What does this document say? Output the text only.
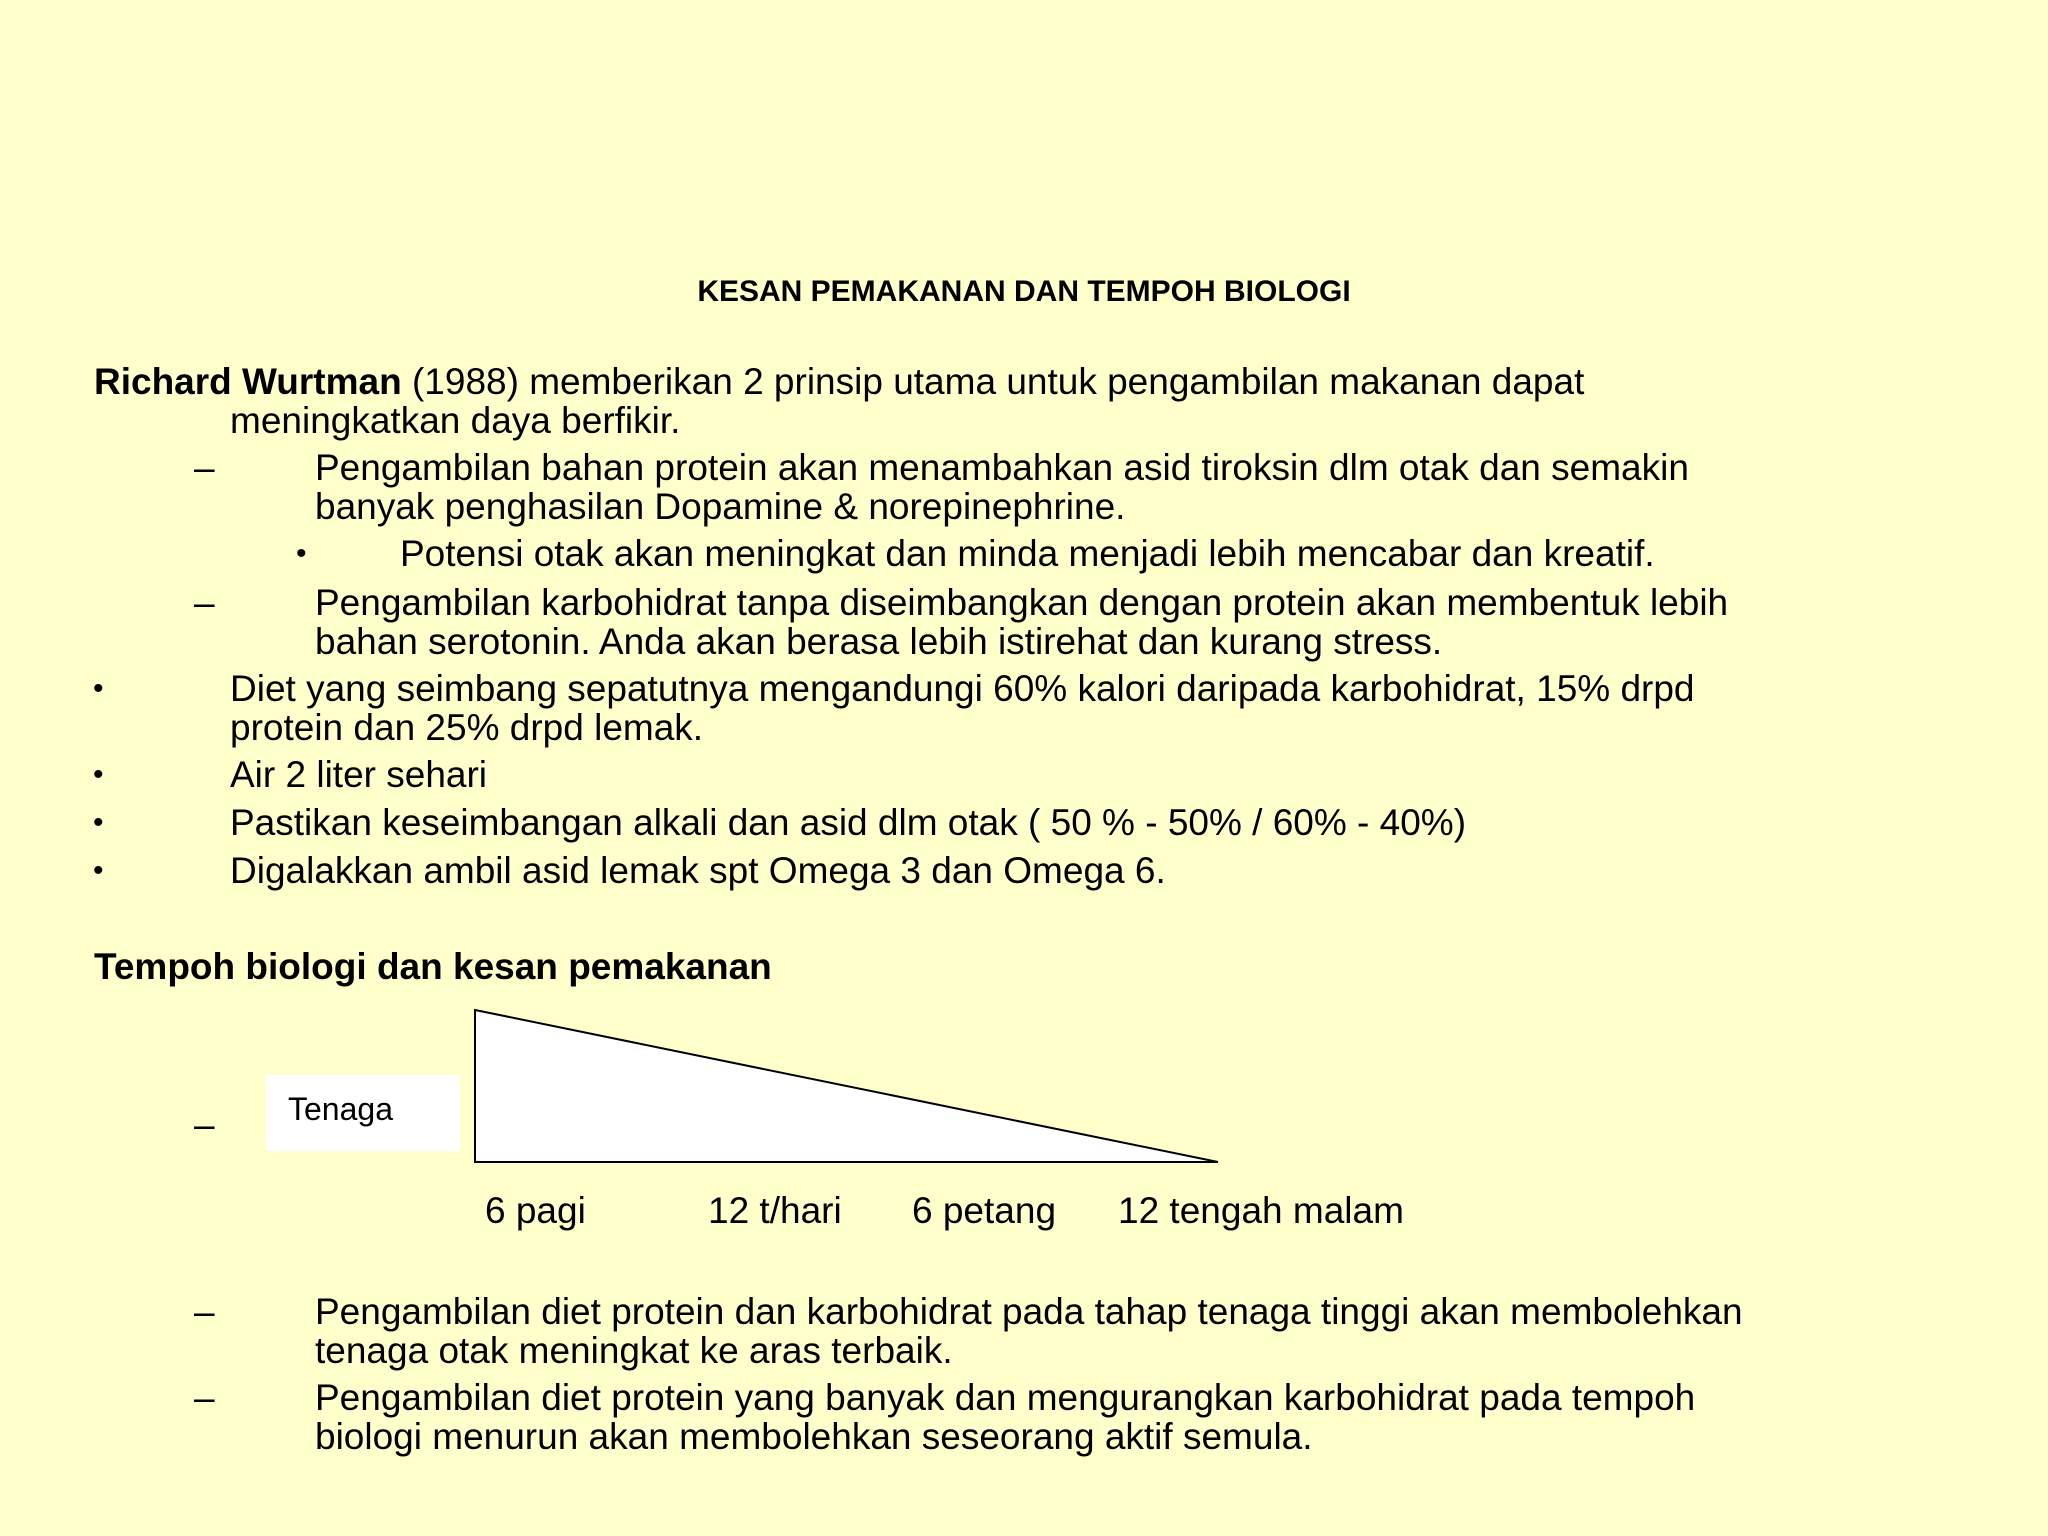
KESAN PEMAKANAN DAN TEMPOH BIOLOGI
Richard Wurtman (1988) memberikan 2 prinsip utama untuk pengambilan makanan dapat
meningkatkan daya berfikir.
–	Pengambilan bahan protein akan menambahkan asid tiroksin dlm otak dan semakin
banyak penghasilan Dopamine & norepinephrine.
•	Potensi otak akan meningkat dan minda menjadi lebih mencabar dan kreatif.
–	Pengambilan karbohidrat tanpa diseimbangkan dengan protein akan membentuk lebih
bahan serotonin. Anda akan berasa lebih istirehat dan kurang stress.
•	Diet yang seimbang sepatutnya mengandungi 60% kalori daripada karbohidrat, 15% drpd
protein dan 25% drpd lemak.
•	Air 2 liter sehari
•	Pastikan keseimbangan alkali dan asid dlm otak ( 50 % - 50% / 60% - 40%)
•	Digalakkan ambil asid lemak spt Omega 3 dan Omega 6.
Tempoh biologi dan kesan pemakanan
–	Tenaga
6 pagi	12 t/hari 6 petang 12 tengah malam
–	Pengambilan diet protein dan karbohidrat pada tahap tenaga tinggi akan membolehkan
tenaga otak meningkat ke aras terbaik.
–	Pengambilan diet protein yang banyak dan mengurangkan karbohidrat pada tempoh
biologi menurun akan membolehkan seseorang aktif semula.
